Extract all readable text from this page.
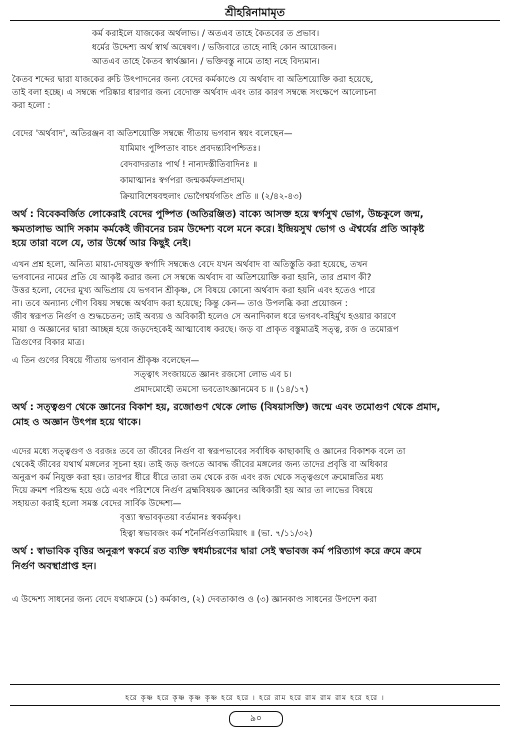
শ্রীহরিনামামৃত
কর্ম করাইলে যাজকের অর্থলাভ। / অতএব তাহে কৈতবের ত প্রভাব।
ধর্মের উদ্দেশ্য অর্থ স্বার্থ অন্বেষণ। / ভজিবারে তাহে নাহি কোন আয়োজন।
আতএব তাহে কৈতব স্বার্থজ্ঞান। / ভক্তিবস্তু নামে তাহা নহে বিদ্যমান।

কৈতব শব্দের দ্বারা যাজকের রুচি উৎপাদনের জন্য বেদের কর্মকাণ্ডে যে অর্থবাদ বা অতিশয়োক্তি করা হয়েছে,

তাই বলা হচ্ছে। এ সম্বন্ধে পরিষ্কার ধারণার জন্য বেদোক্ত অর্থবাদ এবং তার কারণ সম্বন্ধে সংক্ষেপে আলোচনা

করা হলো :

বেদের 'অর্থবাদ', অতিরঞ্জন বা অতিশয়োক্তি সম্বন্ধে গীতায় ভগবান স্বয়ং বলেছেন—

যামিমাং পুষ্পিতাং বাচং প্রবদন্ত্যবিপশ্চিতঃ।
বেদবাদরতাঃ পার্থ ! নান্যদস্তীতিবাদিনঃ ॥
কামাত্মানঃ স্বর্গপরা জন্মকর্মফলপ্রদাম্।
ক্রিয়াবিশেষবহুলাং ভোগৈশ্বর্যগতিং প্রতি ॥ (২/৪২-৪৩)

অর্থ : বিবেকবর্জিত লোকেরাই বেদের পুষ্পিত (অতিরঞ্জিত) বাক্যে আসক্ত হয়ে স্বর্গসুখ ভোগ, উচ্চকুলে জন্ম,

ক্ষমতালাভ আদি সকাম কর্মকেই জীবনের চরম উদ্দেশ্য বলে মনে করে। ইন্দ্রিয়সুখ ভোগ ও ঐশ্বর্যের প্রতি আকৃষ্ট

হয়ে তারা বলে যে, তার উর্ধ্বে আর কিছুই নেই।

এখন প্রশ্ন হলো, অনিত্য মায়া-দোষযুক্ত স্বর্গাদি সম্বন্ধেও বেদে যখন অর্থবাদ বা অতিস্তুতি করা হয়েছে, তখন

ভগবানের নামের প্রতি যে আকৃষ্ট করার জন্য সে সম্বন্ধে অর্থবাদ বা অতিশয়োক্তি করা হয়নি, তার প্রমাণ কী?

উত্তর হলো, বেদের মুখ্য অভিপ্রায় যে ভগবান শ্রীকৃষ্ণ, সে বিষয়ে কোনো অর্থবাদ করা হয়নি এবং হতেও পারে

না। তবে অন্যান্য গৌণ বিষয় সম্বন্ধে অর্থবাদ করা হয়েছে; কিন্তু কেন— তাও উপলব্ধি করা প্রয়োজন :

জীব স্বরূপত নির্গুণ ও শুদ্ধচেতন; তাই অব্যয় ও অবিকারী হলেও সে অনাদিকাল ধরে ভগবৎ-বহির্মুখ হওয়ার কারণে

মায়া ও অজ্ঞানের দ্বারা আচ্ছন্ন হয়ে জড়দেহকেই আত্মাবোধ করছে। জড় বা প্রাকৃত বস্তুমাত্রই সত্ত্ব, রজ ও তমোরূপ

ত্রিগুণের বিকার মাত্র।

এ তিন গুণের বিষয়ে গীতায় ভগবান শ্রীকৃষ্ণ বলেছেন—

সত্ত্বাৎ সংজায়তে জ্ঞানং রজসো লোভ এব চ।
প্রমাদমোহৌ তমসো ভবতোঽজ্ঞানমেব চ ॥ (১৪/১৭)

অর্থ : সত্ত্বগুণ থেকে জ্ঞানের বিকাশ হয়, রজোগুণ থেকে লোভ (বিষয়াসক্তি) জন্মে এবং তমোগুণ থেকে প্রমাদ,

মোহ ও অজ্ঞান উৎপন্ন হয়ে থাকে।

এদের মধ্যে সত্ত্বগুণ ও বরজঃ তবে তা জীবের নির্গুণ বা স্বরূপভাবের সর্বাধিক কাছাকাছি ও জ্ঞানের বিকাশক বলে তা

থেকেই জীবের যথার্থ মঙ্গলের সূচনা হয়। তাই জড় জগতে আবদ্ধ জীবের মঙ্গলের জন্য তাদের প্রবৃত্তি বা অধিকার

অনুরূপ কর্ম নিযুক্ত করা হয়। তারপর ধীরে ধীরে তারা তম থেকে রজ এবং রজ থেকে সত্ত্বগুণে ক্রমোন্নতির মধ্য

দিয়ে ক্রমশ পরিশুদ্ধ হয়ে ওঠে এবং পরিশেষে নির্গুণ ব্রহ্মবিষয়ক জ্ঞানের অধিকারী হয় আর তা লাভের বিষয়ে

সহায়তা করাই হলো সমস্ত বেদের সার্বিক উদ্দেশ্য—

বৃত্ত্যা স্বভাবকৃতয়া বর্তমানঃ স্বকর্মকৃৎ।
হিত্বা স্বভাবজং কর্ম শনৈর্নির্গুণতামিয়াৎ ॥ (ভা. ৭/১১/৩২)

অর্থ : স্বাভাবিক বৃত্তির অনুরূপ স্বকর্মে রত ব্যক্তি স্বধর্মাচরণের দ্বারা সেই স্বভাবজ কর্ম পরিত্যাগ করে ক্রমে ক্রমে

নির্গুণ অবস্থাপ্রাপ্ত হন।

এ উদ্দেশ্য সাধনের জন্য বেদে যথাক্রমে (১) কর্মকাণ্ড, (২) দেবতাকাণ্ড ও (৩) জ্ঞানকাণ্ড সাধনের উপদেশ করা

হরে কৃষ্ণ হরে কৃষ্ণ কৃষ্ণ কৃষ্ণ হরে হরে । হরে রাম হরে রাম রাম রাম হরে হরে ।
৯০
